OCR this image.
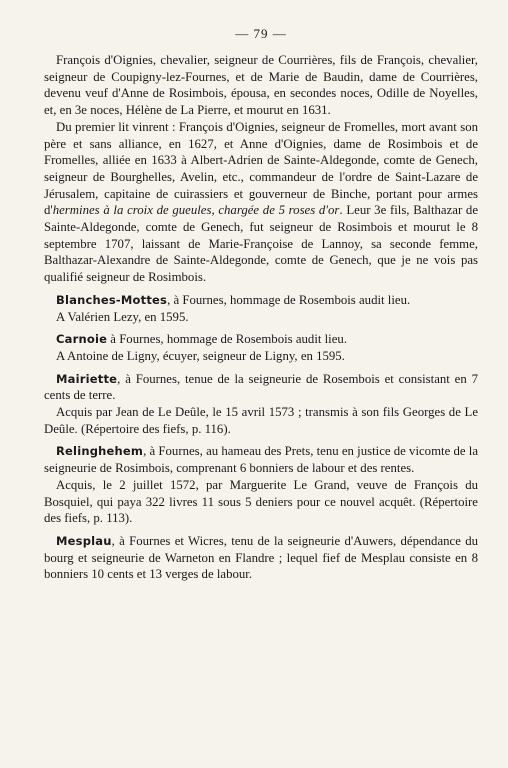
— 79 —

François d'Oignies, chevalier, seigneur de Courrières, fils de François, chevalier, seigneur de Coupigny-lez-Fournes, et de Marie de Baudin, dame de Courrières, devenu veuf d'Anne de Rosimbois, épousa, en secondes noces, Odille de Noyelles, et, en 3e noces, Hélène de La Pierre, et mourut en 1631.

Du premier lit vinrent : François d'Oignies, seigneur de Fromelles, mort avant son père et sans alliance, en 1627, et Anne d'Oignies, dame de Rosimbois et de Fromelles, alliée en 1633 à Albert-Adrien de Sainte-Aldegonde, comte de Genech, seigneur de Bourghelles, Avelin, etc., commandeur de l'ordre de Saint-Lazare de Jérusalem, capitaine de cuirassiers et gouverneur de Binche, portant pour armes d'hermines à la croix de gueules, chargée de 5 roses d'or. Leur 3e fils, Balthazar de Sainte-Aldegonde, comte de Genech, fut seigneur de Rosimbois et mourut le 8 septembre 1707, laissant de Marie-Françoise de Lannoy, sa seconde femme, Balthazar-Alexandre de Sainte-Aldegonde, comte de Genech, que je ne vois pas qualifié seigneur de Rosimbois.

Blanches-Mottes, à Fournes, hommage de Rosembois audit lieu.

A Valérien Lezy, en 1595.

Carnoie à Fournes, hommage de Rosembois audit lieu.

A Antoine de Ligny, écuyer, seigneur de Ligny, en 1595.

Mairiette, à Fournes, tenue de la seigneurie de Rosembois et consistant en 7 cents de terre.

Acquis par Jean de Le Deûle, le 15 avril 1573 ; transmis à son fils Georges de Le Deûle. (Répertoire des fiefs, p. 116).

Relinghehem, à Fournes, au hameau des Prets, tenu en justice de vicomte de la seigneurie de Rosimbois, comprenant 6 bonniers de labour et des rentes.

Acquis, le 2 juillet 1572, par Marguerite Le Grand, veuve de François du Bosquiel, qui paya 322 livres 11 sous 5 deniers pour ce nouvel acquêt. (Répertoire des fiefs, p. 113).

Mesplau, à Fournes et Wicres, tenu de la seigneurie d'Auwers, dépendance du bourg et seigneurie de Warneton en Flandre ; lequel fief de Mesplau consiste en 8 bonniers 10 cents et 13 verges de labour.
